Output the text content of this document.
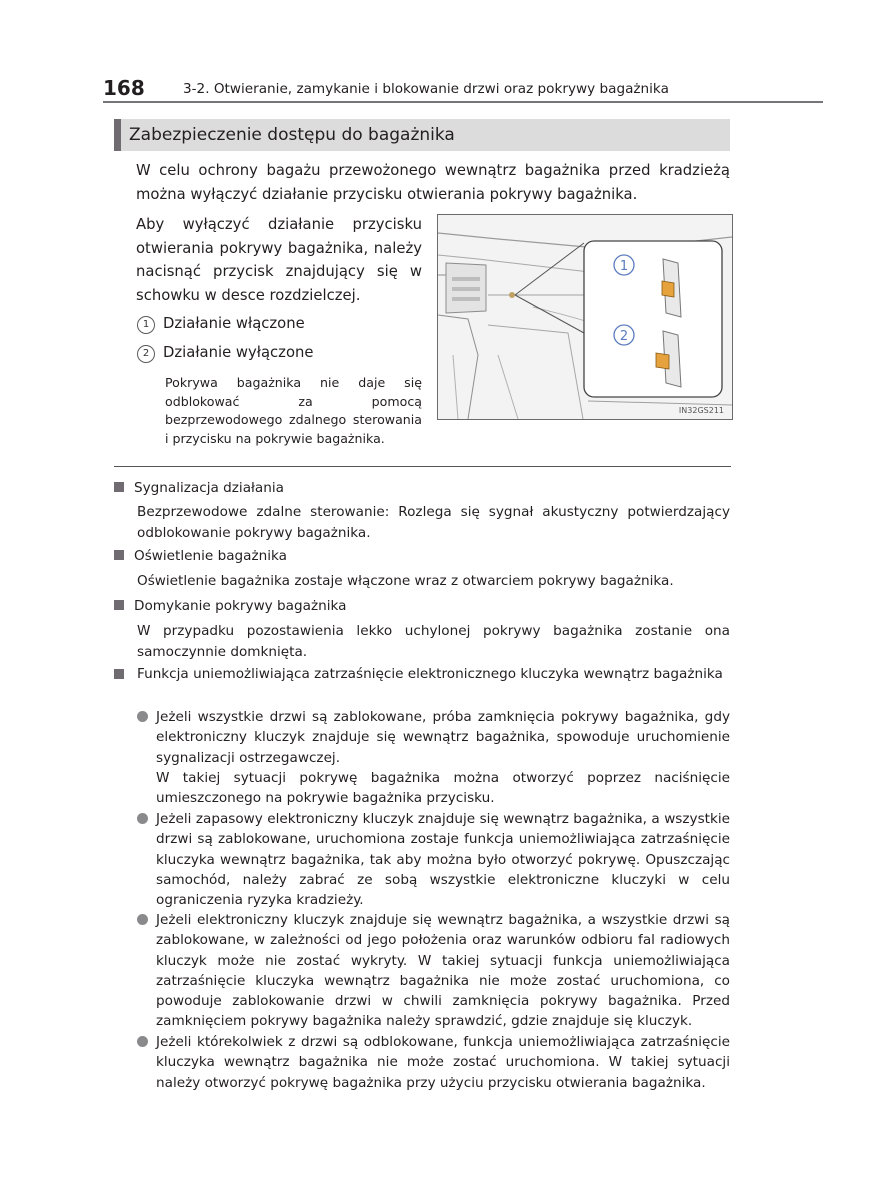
168	3-2. Otwieranie, zamykanie i blokowanie drzwi oraz pokrywy bagażnika
Zabezpieczenie dostępu do bagażnika

W celu ochrony bagażu przewożonego wewnątrz bagażnika przed kradzieżą można wyłączyć działanie przycisku otwierania pokrywy bagażnika.

Aby wyłączyć działanie przycisku otwierania pokrywy bagażnika, należy nacisnąć przycisk znajdujący się w schowku w desce rozdzielczej.

1 Działanie włączone
2 Działanie wyłączone

Pokrywa bagażnika nie daje się odblokować za pomocą bezprzewodowego zdalnego sterowania i przycisku na pokrywie bagażnika.

1
2
IN32GS211
Sygnalizacja działania

Bezprzewodowe zdalne sterowanie: Rozlega się sygnał akustyczny potwierdzający odblokowanie pokrywy bagażnika.

Oświetlenie bagażnika

Oświetlenie bagażnika zostaje włączone wraz z otwarciem pokrywy bagażnika.

Domykanie pokrywy bagażnika

W przypadku pozostawienia lekko uchylonej pokrywy bagażnika zostanie ona samoczynnie domknięta.

Funkcja uniemożliwiająca zatrzaśnięcie elektronicznego kluczyka wewnątrz bagażnika
Jeżeli wszystkie drzwi są zablokowane, próba zamknięcia pokrywy bagażnika, gdy elektroniczny kluczyk znajduje się wewnątrz bagażnika, spowoduje uruchomienie sygnalizacji ostrzegawczej.
W takiej sytuacji pokrywę bagażnika można otworzyć poprzez naciśnięcie umieszczonego na pokrywie bagażnika przycisku.
Jeżeli zapasowy elektroniczny kluczyk znajduje się wewnątrz bagażnika, a wszystkie drzwi są zablokowane, uruchomiona zostaje funkcja uniemożliwiająca zatrzaśnięcie kluczyka wewnątrz bagażnika, tak aby można było otworzyć pokrywę. Opuszczając samochód, należy zabrać ze sobą wszystkie elektroniczne kluczyki w celu ograniczenia ryzyka kradzieży.
Jeżeli elektroniczny kluczyk znajduje się wewnątrz bagażnika, a wszystkie drzwi są zablokowane, w zależności od jego położenia oraz warunków odbioru fal radiowych kluczyk może nie zostać wykryty. W takiej sytuacji funkcja uniemożliwiająca zatrzaśnięcie kluczyka wewnątrz bagażnika nie może zostać uruchomiona, co powoduje zablokowanie drzwi w chwili zamknięcia pokrywy bagażnika. Przed zamknięciem pokrywy bagażnika należy sprawdzić, gdzie znajduje się kluczyk.
Jeżeli którekolwiek z drzwi są odblokowane, funkcja uniemożliwiająca zatrzaśnięcie kluczyka wewnątrz bagażnika nie może zostać uruchomiona. W takiej sytuacji należy otworzyć pokrywę bagażnika przy użyciu przycisku otwierania bagażnika.
